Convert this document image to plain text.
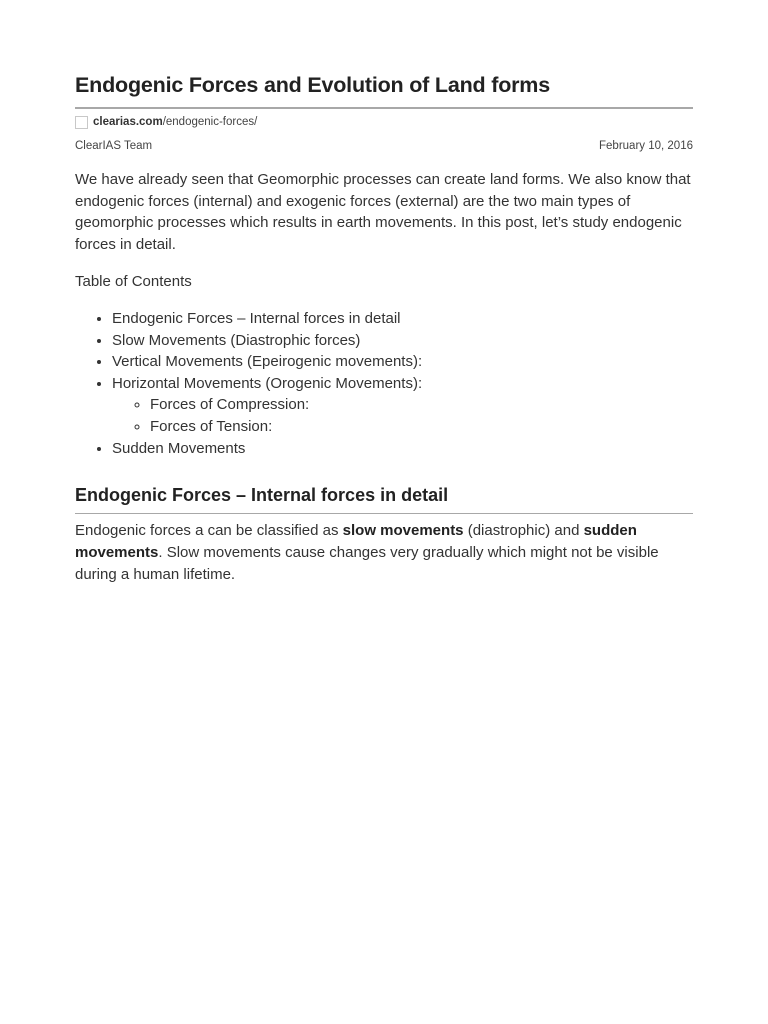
Endogenic Forces and Evolution of Land forms
clearias.com /endogenic-forces/
ClearIAS Team	February 10, 2016

We have already seen that Geomorphic processes can create land forms. We also know that endogenic forces (internal) and exogenic forces (external) are the two main types of geomorphic processes which results in earth movements. In this post, let’s study endogenic forces in detail.

Table of Contents

• Endogenic Forces – Internal forces in detail
• Slow Movements (Diastrophic forces)
• Vertical Movements (Epeirogenic movements):
• Horizontal Movements (Orogenic Movements):
◦ Forces of Compression:
◦ Forces of Tension:
• Sudden Movements
Endogenic Forces – Internal forces in detail

Endogenic forces a can be classified as slow movements (diastrophic) and sudden movements. Slow movements cause changes very gradually which might not be visible during a human lifetime.
